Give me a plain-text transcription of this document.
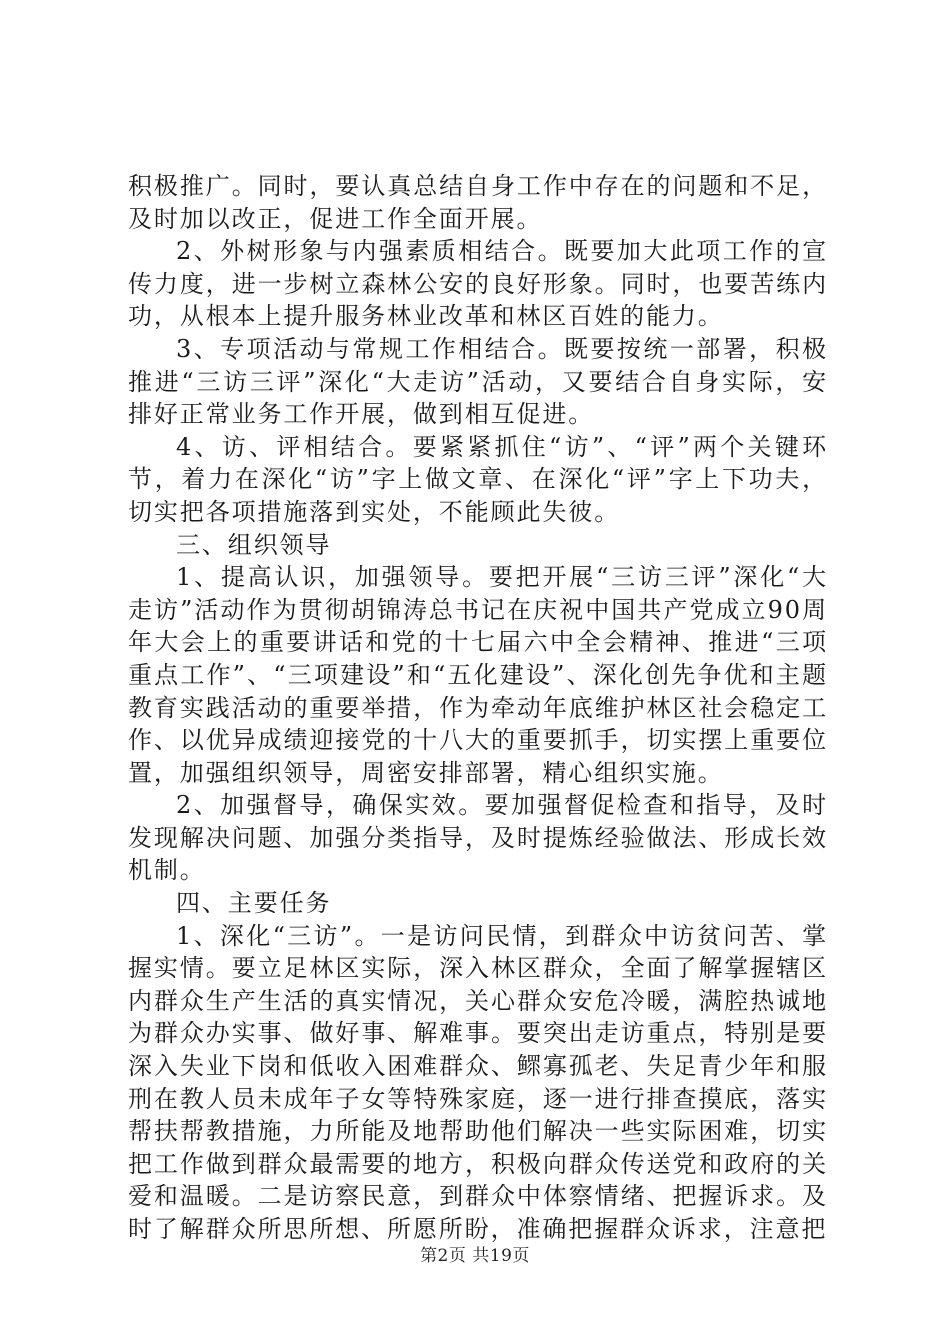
积极推广。同时，要认真总结自身工作中存在的问题和不足，及时加以改正，促进工作全面开展。

2、外树形象与内强素质相结合。既要加大此项工作的宣传力度，进一步树立森林公安的良好形象。同时，也要苦练内功，从根本上提升服务林业改革和林区百姓的能力。

3、专项活动与常规工作相结合。既要按统一部署，积极推进“三访三评”深化“大走访”活动，又要结合自身实际，安排好正常业务工作开展，做到相互促进。

4、访、评相结合。要紧紧抓住“访”、“评”两个关键环节，着力在深化“访”字上做文章、在深化“评”字上下功夫，切实把各项措施落到实处，不能顾此失彼。

三、组织领导

1、提高认识，加强领导。要把开展“三访三评”深化“大走访”活动作为贯彻胡锦涛总书记在庆祝中国共产党成立90周年大会上的重要讲话和党的十七届六中全会精神、推进“三项重点工作”、“三项建设”和“五化建设”、深化创先争优和主题教育实践活动的重要举措，作为牵动年底维护林区社会稳定工作、以优异成绩迎接党的十八大的重要抓手，切实摆上重要位置，加强组织领导，周密安排部署，精心组织实施。

2、加强督导，确保实效。要加强督促检查和指导，及时发现解决问题、加强分类指导，及时提炼经验做法、形成长效机制。

四、主要任务

1、深化“三访”。一是访问民情，到群众中访贫问苦、掌握实情。要立足林区实际，深入林区群众，全面了解掌握辖区内群众生产生活的真实情况，关心群众安危冷暖，满腔热诚地为群众办实事、做好事、解难事。要突出走访重点，特别是要深入失业下岗和低收入困难群众、鳏寡孤老、失足青少年和服刑在教人员未成年子女等特殊家庭，逐一进行排查摸底，落实帮扶帮教措施，力所能及地帮助他们解决一些实际困难，切实把工作做到群众最需要的地方，积极向群众传送党和政府的关爱和温暖。二是访察民意，到群众中体察情绪、把握诉求。及时了解群众所思所想、所愿所盼，准确把握群众诉求，注意把

第2页 共19页
